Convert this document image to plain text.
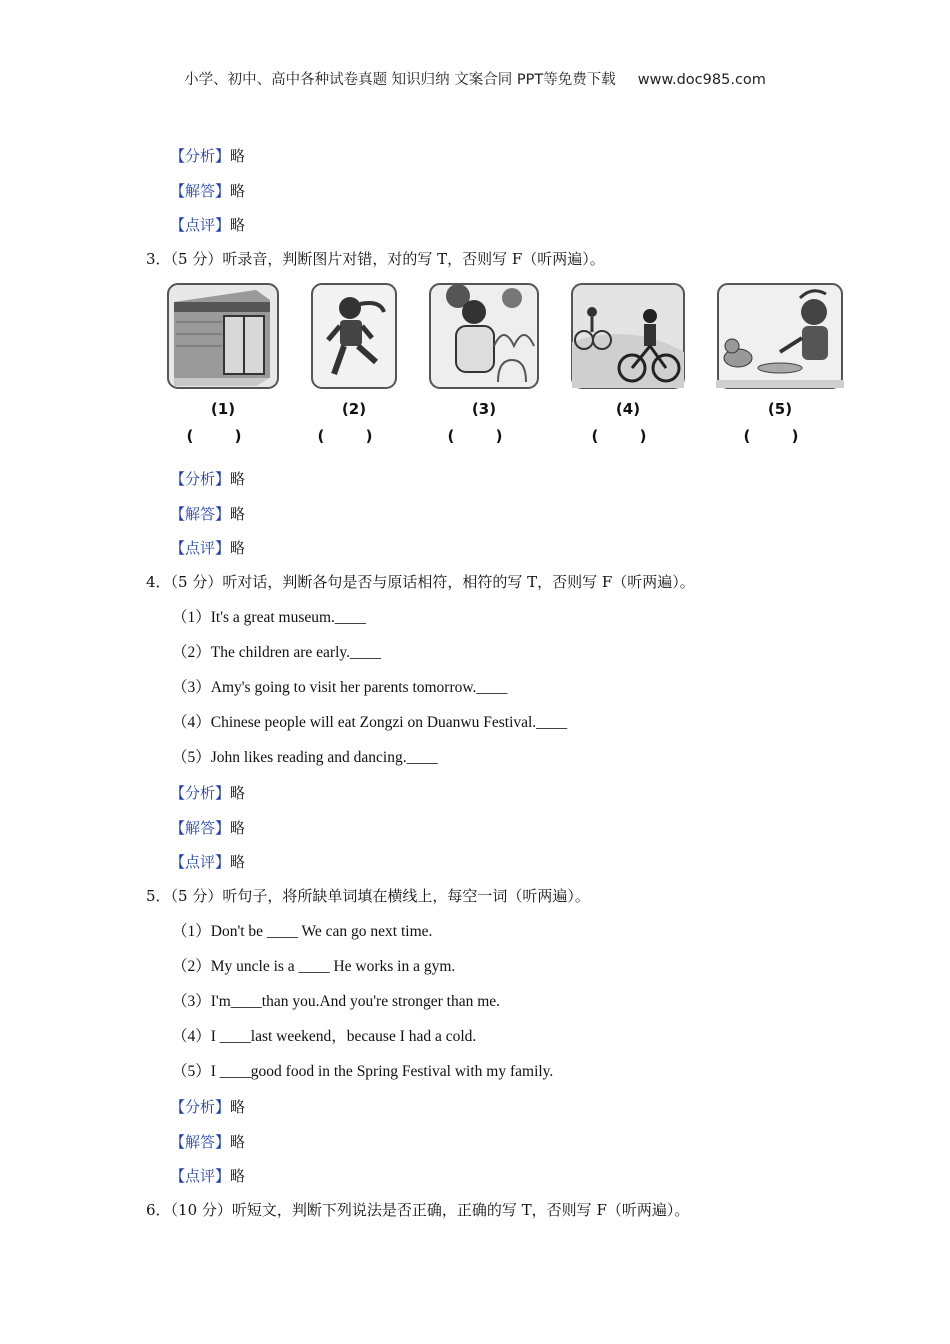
小学、初中、高中各种试卷真题 知识归纳 文案合同 PPT等免费下载 www.doc985.com
【分析】略
【解答】略
【点评】略
3．（5 分）听录音，判断图片对错，对的写 T，否则写 F（听两遍）。
(1)
( )
(2)
( )
(3)
( )
(4)
( )
(5)
( )
【分析】略
【解答】略
【点评】略
4．（5 分）听对话，判断各句是否与原话相符，相符的写 T，否则写 F（听两遍）。
（1）It's a great museum.____
（2）The children are early.____
（3）Amy's going to visit her parents tomorrow.____
（4）Chinese people will eat Zongzi on Duanwu Festival.____
（5）John likes reading and dancing.____
【分析】略
【解答】略
【点评】略
5．（5 分）听句子，将所缺单词填在横线上，每空一词（听两遍）。
（1）Don't be ____ We can go next time.
（2）My uncle is a ____ He works in a gym.
（3）I'm____than you.And you're stronger than me.
（4）I ____last weekend，because I had a cold.
（5）I ____good food in the Spring Festival with my family.
【分析】略
【解答】略
【点评】略
6．（10 分）听短文，判断下列说法是否正确，正确的写 T，否则写 F（听两遍）。
